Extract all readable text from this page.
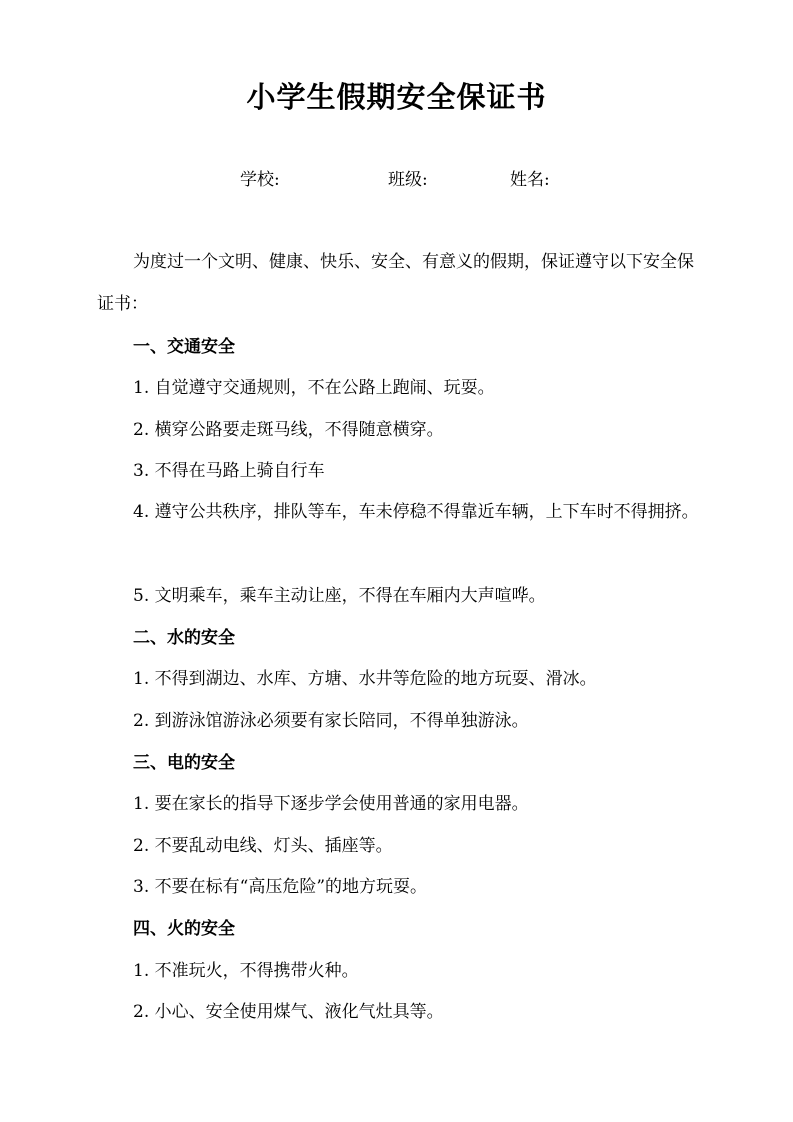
小学生假期安全保证书
学校:	班级:	姓名:
为度过一个文明、健康、快乐、安全、有意义的假期，保证遵守以下安全保证书：
一、交通安全
1. 自觉遵守交通规则，不在公路上跑闹、玩耍。
2. 横穿公路要走斑马线，不得随意横穿。
3. 不得在马路上骑自行车
4. 遵守公共秩序，排队等车，车未停稳不得靠近车辆，上下车时不得拥挤。
5. 文明乘车，乘车主动让座，不得在车厢内大声喧哗。
二、水的安全
1. 不得到湖边、水库、方塘、水井等危险的地方玩耍、滑冰。
2. 到游泳馆游泳必须要有家长陪同，不得单独游泳。
三、电的安全
1. 要在家长的指导下逐步学会使用普通的家用电器。
2. 不要乱动电线、灯头、插座等。
3. 不要在标有“高压危险”的地方玩耍。
四、火的安全
1. 不准玩火，不得携带火种。
2. 小心、安全使用煤气、液化气灶具等。
